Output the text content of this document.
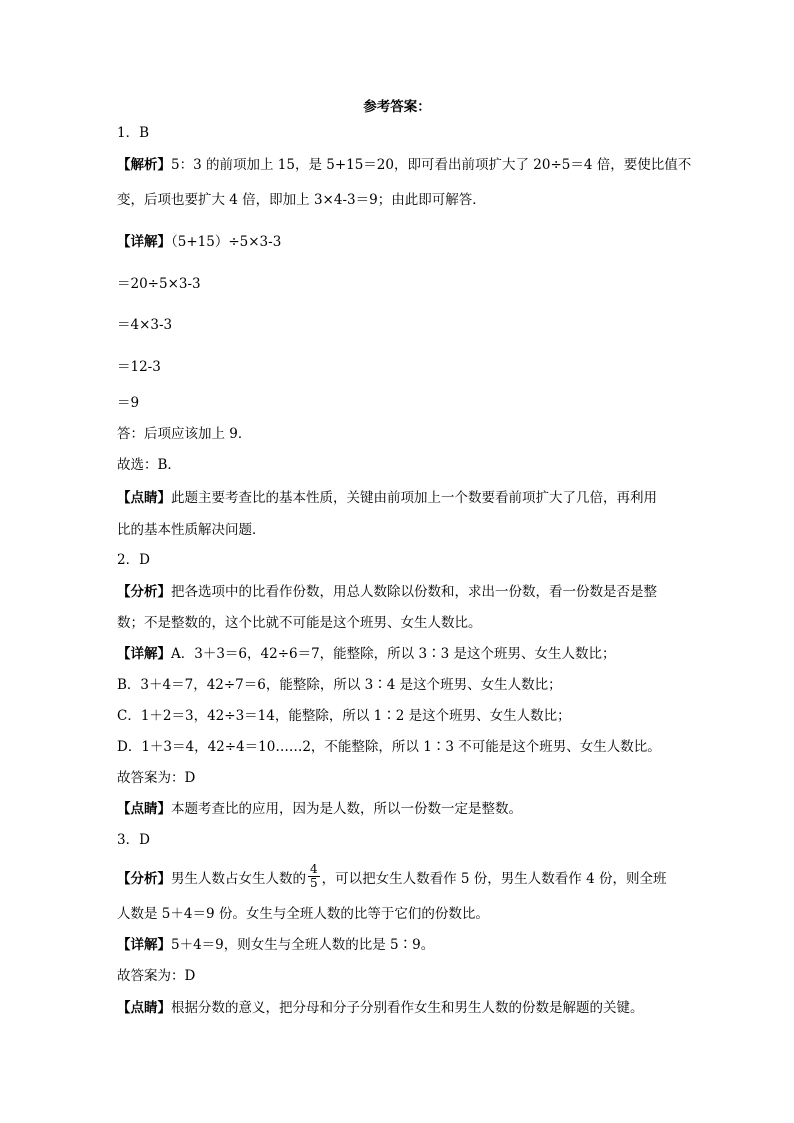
参考答案：
1．B
【解析】5：3 的前项加上 15，是 5+15＝20，即可看出前项扩大了 20÷5＝4 倍，要使比值不
变，后项也要扩大 4 倍，即加上 3×4-3＝9；由此即可解答．
【详解】（5+15）÷5×3-3
＝20÷5×3-3
＝4×3-3
＝12-3
＝9
答：后项应该加上 9．
故选：B．
【点睛】此题主要考查比的基本性质，关键由前项加上一个数要看前项扩大了几倍，再利用
比的基本性质解决问题．
2．D
【分析】把各选项中的比看作份数，用总人数除以份数和，求出一份数，看一份数是否是整
数；不是整数的，这个比就不可能是这个班男、女生人数比。
【详解】A．3＋3＝6，42÷6＝7，能整除，所以 3∶3 是这个班男、女生人数比；
B．3＋4＝7，42÷7＝6，能整除，所以 3∶4 是这个班男、女生人数比；
C．1＋2＝3，42÷3＝14，能整除，所以 1∶2 是这个班男、女生人数比；
D．1＋3＝4，42÷4＝10……2，不能整除，所以 1∶3 不可能是这个班男、女生人数比。
故答案为：D
【点睛】本题考查比的应用，因为是人数，所以一份数一定是整数。
3．D
【分析】男生人数占女生人数的 $\frac{4}{5}$ ，可以把女生人数看作 5 份，男生人数看作 4 份，则全班
人数是 5＋4＝9 份。女生与全班人数的比等于它们的份数比。
【详解】5＋4＝9，则女生与全班人数的比是 5∶9。
故答案为：D
【点睛】根据分数的意义，把分母和分子分别看作女生和男生人数的份数是解题的关键。
